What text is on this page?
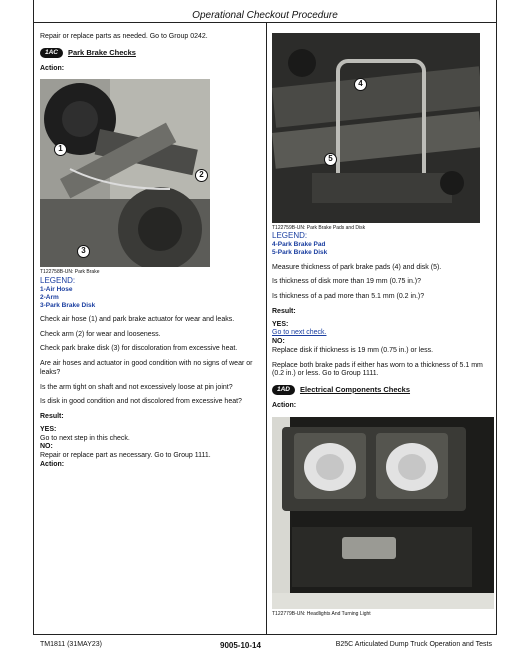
Operational Checkout Procedure
Repair or replace parts as needed. Go to Group 0242.
1AC Park Brake Checks
Action:
1
2
3
T122758B-UN: Park Brake
LEGEND:
1-Air Hose
2-Arm
3-Park Brake Disk
Check air hose (1) and park brake actuator for wear and leaks.
Check arm (2) for wear and looseness.
Check park brake disk (3) for discoloration from excessive heat.
Are air hoses and actuator in good condition with no signs of wear or leaks?
Is the arm tight on shaft and not excessively loose at pin joint?
Is disk in good condition and not discolored from excessive heat?
Result:
YES:
Go to next step in this check.
NO:
Repair or replace part as necessary. Go to Group 1111.
Action:
4
5
T122759B-UN: Park Brake Pads and Disk
LEGEND:
4-Park Brake Pad
5-Park Brake Disk
Measure thickness of park brake pads (4) and disk (5).
Is thickness of disk more than 19 mm (0.75 in.)?
Is thickness of a pad more than 5.1 mm (0.2 in.)?
Result:
YES:
Go to next check.
NO:
Replace disk if thickness is 19 mm (0.75 in.) or less.
Replace both brake pads if either has worn to a thickness of 5.1 mm (0.2 in.) or less. Go to Group 1111.
1AD Electrical Components Checks
Action:
T122779B-UN: Headlights And Turning Light
TM1811 (31MAY23)	9005-10-14	B25C Articulated Dump Truck Operation and Tests
